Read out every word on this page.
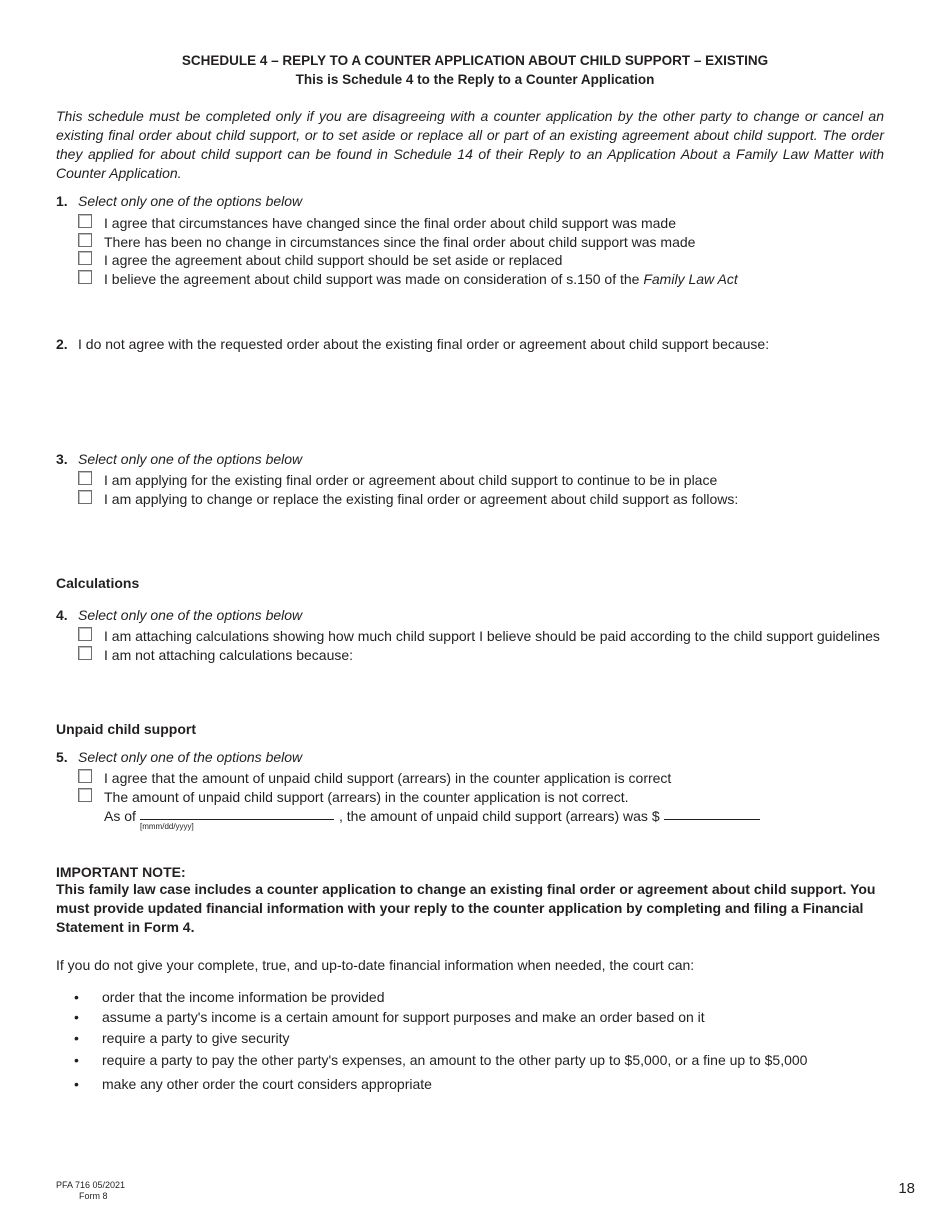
SCHEDULE 4 – REPLY TO A COUNTER APPLICATION ABOUT CHILD SUPPORT – EXISTING
This is Schedule 4 to the Reply to a Counter Application
This schedule must be completed only if you are disagreeing with a counter application by the other party to change or cancel an existing final order about child support, or to set aside or replace all or part of an existing agreement about child support. The order they applied for about child support can be found in Schedule 14 of their Reply to an Application About a Family Law Matter with Counter Application.
1. Select only one of the options below
I agree that circumstances have changed since the final order about child support was made
There has been no change in circumstances since the final order about child support was made
I agree the agreement about child support should be set aside or replaced
I believe the agreement about child support was made on consideration of s.150 of the Family Law Act
2. I do not agree with the requested order about the existing final order or agreement about child support because:
3. Select only one of the options below
I am applying for the existing final order or agreement about child support to continue to be in place
I am applying to change or replace the existing final order or agreement about child support as follows:
Calculations
4. Select only one of the options below
I am attaching calculations showing how much child support I believe should be paid according to the child support guidelines
I am not attaching calculations because:
Unpaid child support
5. Select only one of the options below
I agree that the amount of unpaid child support (arrears) in the counter application is correct
The amount of unpaid child support (arrears) in the counter application is not correct.
As of
[mmm/dd/yyyy]
, the amount of unpaid child support (arrears) was $
IMPORTANT NOTE:
This family law case includes a counter application to change an existing final order or agreement about child support. You must provide updated financial information with your reply to the counter application by completing and filing a Financial Statement in Form 4.
If you do not give your complete, true, and up-to-date financial information when needed, the court can:
• order that the income information be provided
• assume a party's income is a certain amount for support purposes and make an order based on it
• require a party to give security
• require a party to pay the other party's expenses, an amount to the other party up to $5,000, or a fine up to $5,000
• make any other order the court considers appropriate
PFA 716 05/2021
Form 8	18
